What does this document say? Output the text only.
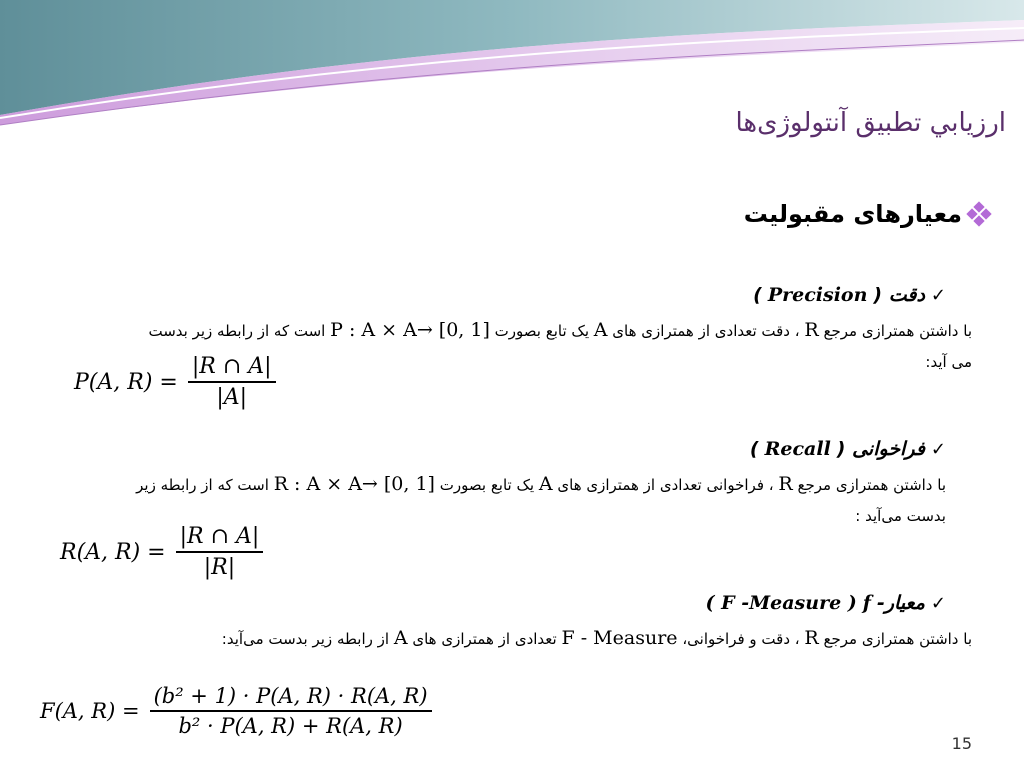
ارزيابي تطبيق آنتولوژی‌ها
معیارهای مقبولیت
✓
دقت (
Precision
)
با داشتن همترازی مرجع R ، دقت تعدادی از همترازی های A یک تابع بصورت P : A × A→ [0, 1] است که از رابطه زیر بدست
می آید:
P(A, $R) = \frac{|R \cap A|}{|A|}$
✓
فراخوانی (
Recall
)
با داشتن همترازی مرجع R ، فراخوانی تعدادی از همترازی های A یک تابع بصورت R : A × A→ [0, 1] است که از رابطه زیر
بدست می‌آید :
R(A, $R) = \frac{|R \cap A|}{|R|}$
✓
معیار-
f
( F -Measure )
با داشتن همترازی مرجع R ، دقت و فراخوانی، F - Measure تعدادی از همترازی های A از رابطه زیر بدست می‌آید:
F(A, $R) = \frac{\text{(b² + 1) · P(A, R) · R(A, R)}}{\text{b² · P(A, R) + R(A, R)}}$
15
